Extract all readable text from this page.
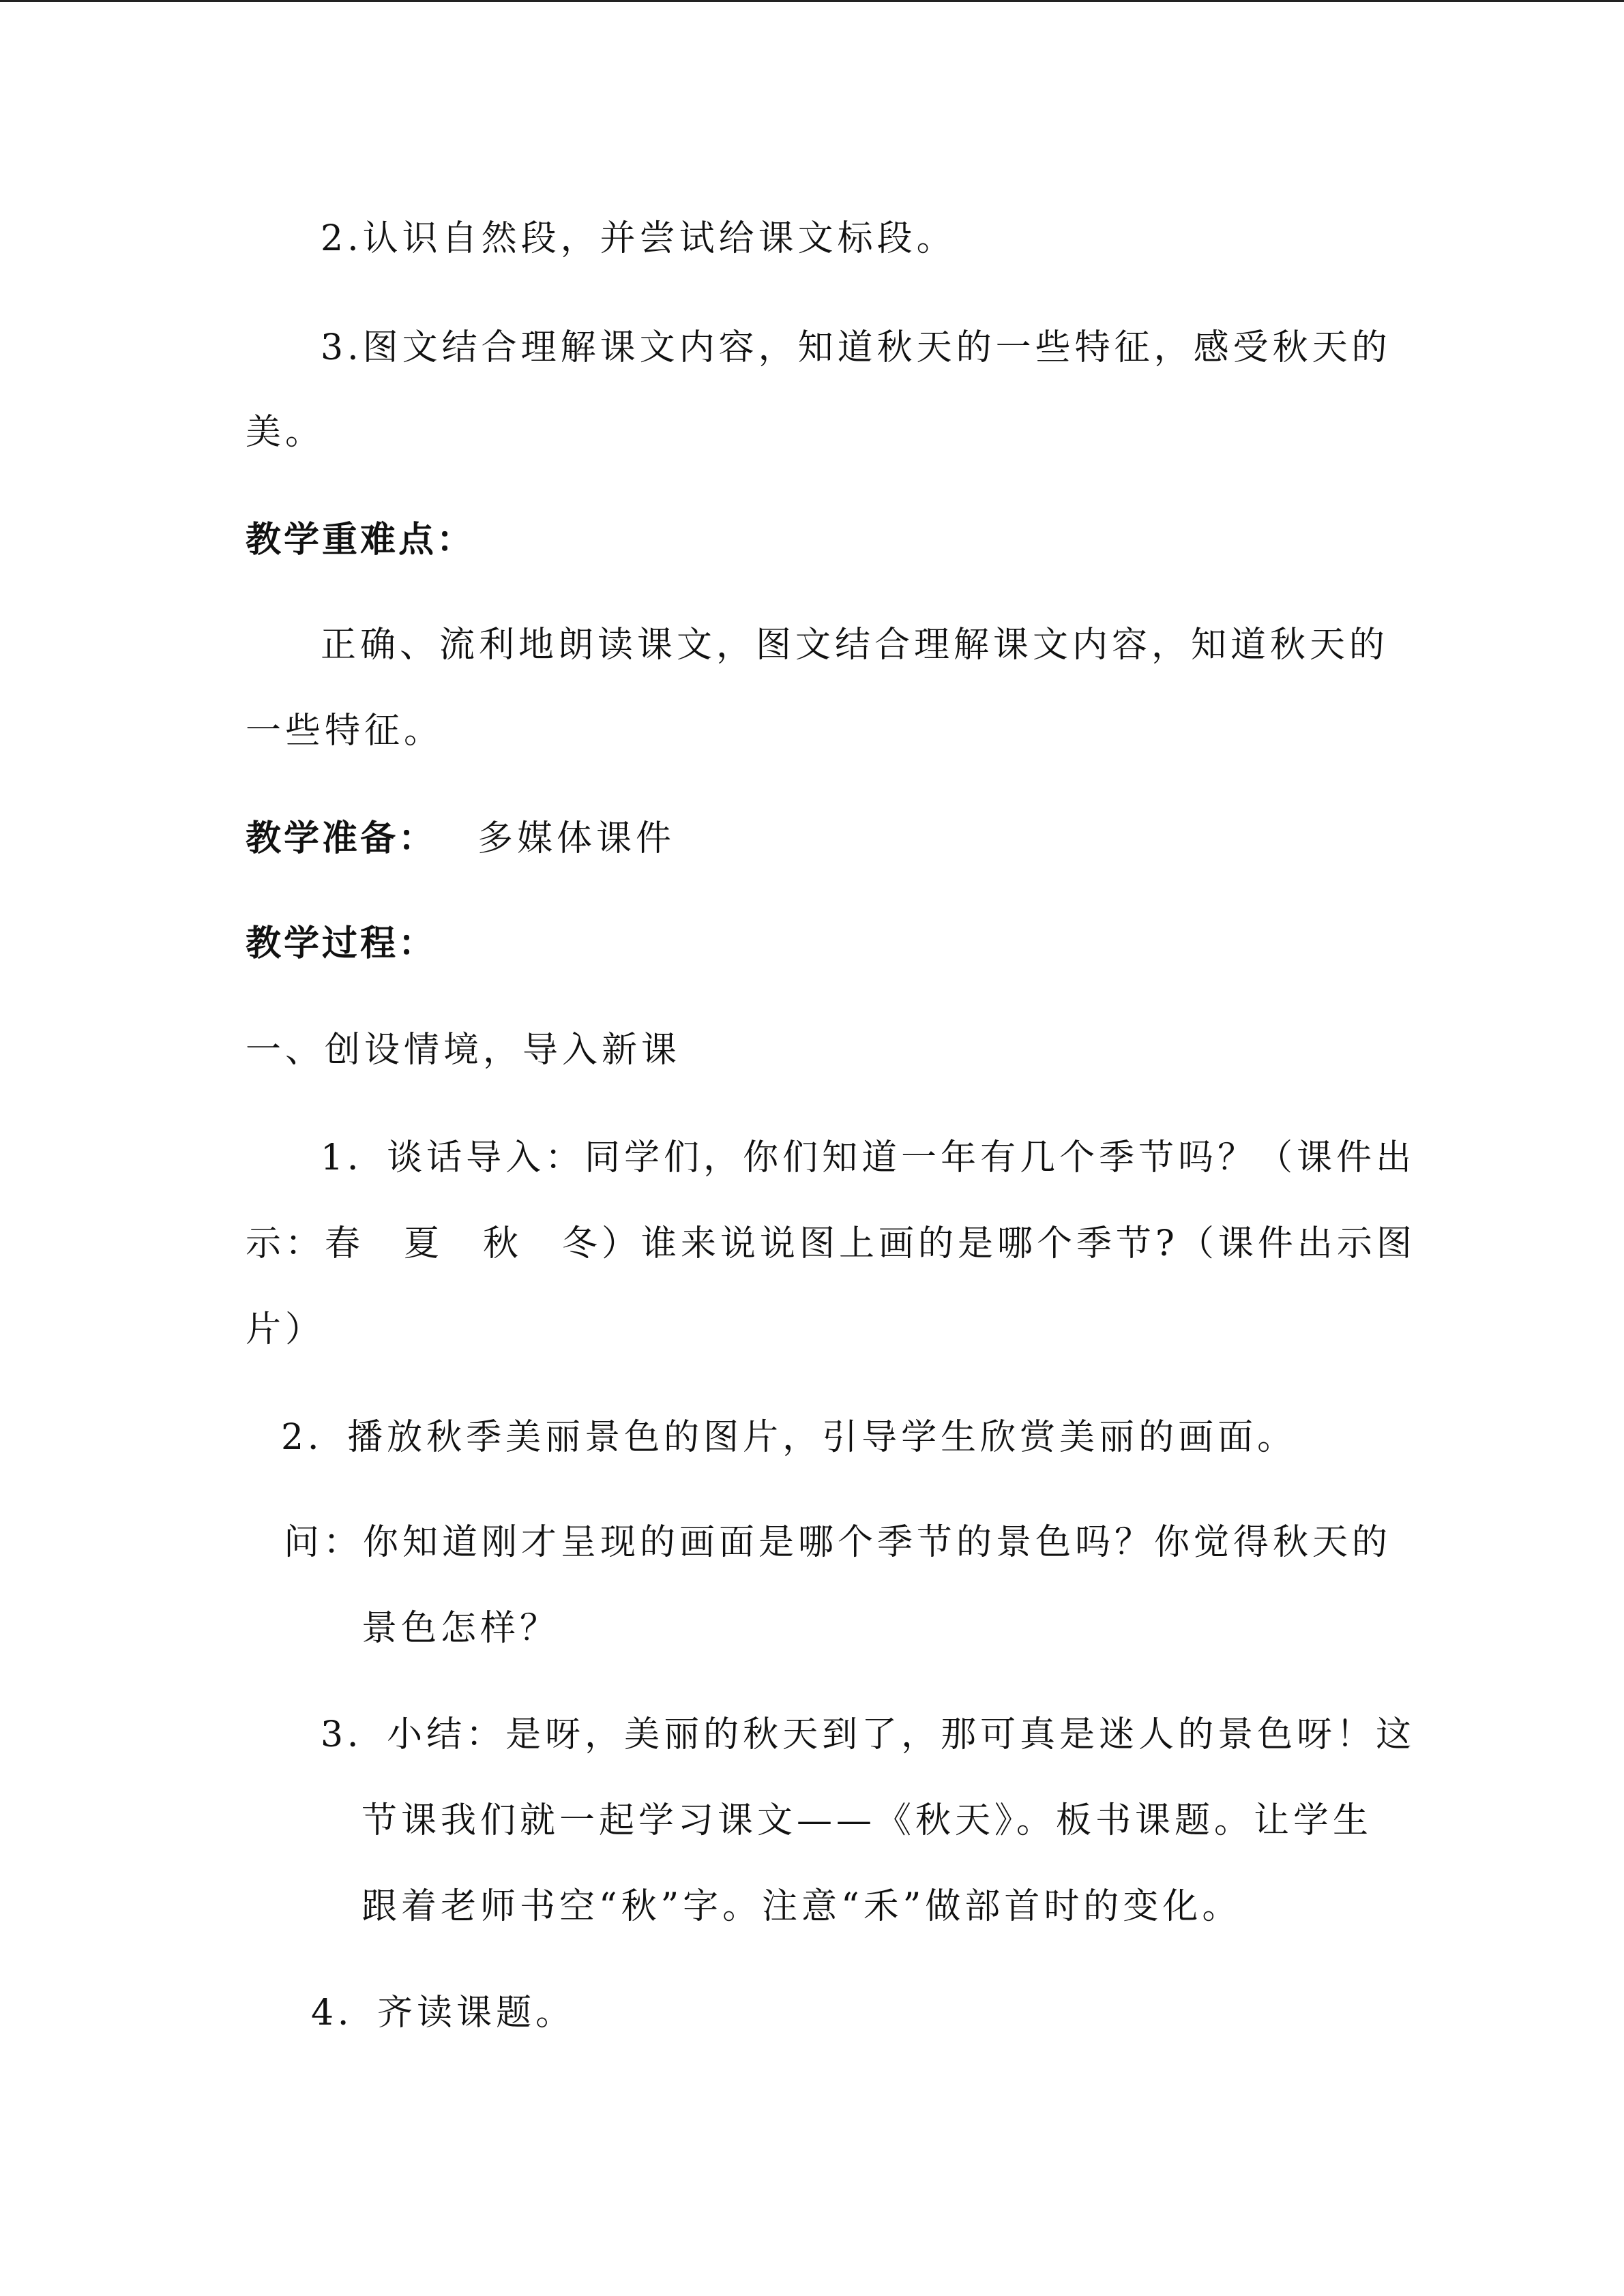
2.认识自然段，并尝试给课文标段。
3.图文结合理解课文内容，知道秋天的一些特征，感受秋天的
美。
教学重难点：
正确、流利地朗读课文，图文结合理解课文内容，知道秋天的
一些特征。
教学准备： 多媒体课件
教学过程：
一、创设情境，导入新课
1．谈话导入：同学们，你们知道一年有几个季节吗？（课件出
示：春　夏　秋　冬）谁来说说图上画的是哪个季节?（课件出示图
片）
2．播放秋季美丽景色的图片，引导学生欣赏美丽的画面。
问：你知道刚才呈现的画面是哪个季节的景色吗？你觉得秋天的
景色怎样？
3．小结：是呀，美丽的秋天到了，那可真是迷人的景色呀！这
节课我们就一起学习课文——《秋天》。板书课题。让学生
跟着老师书空“秋”字。注意“禾”做部首时的变化。
4．齐读课题。
